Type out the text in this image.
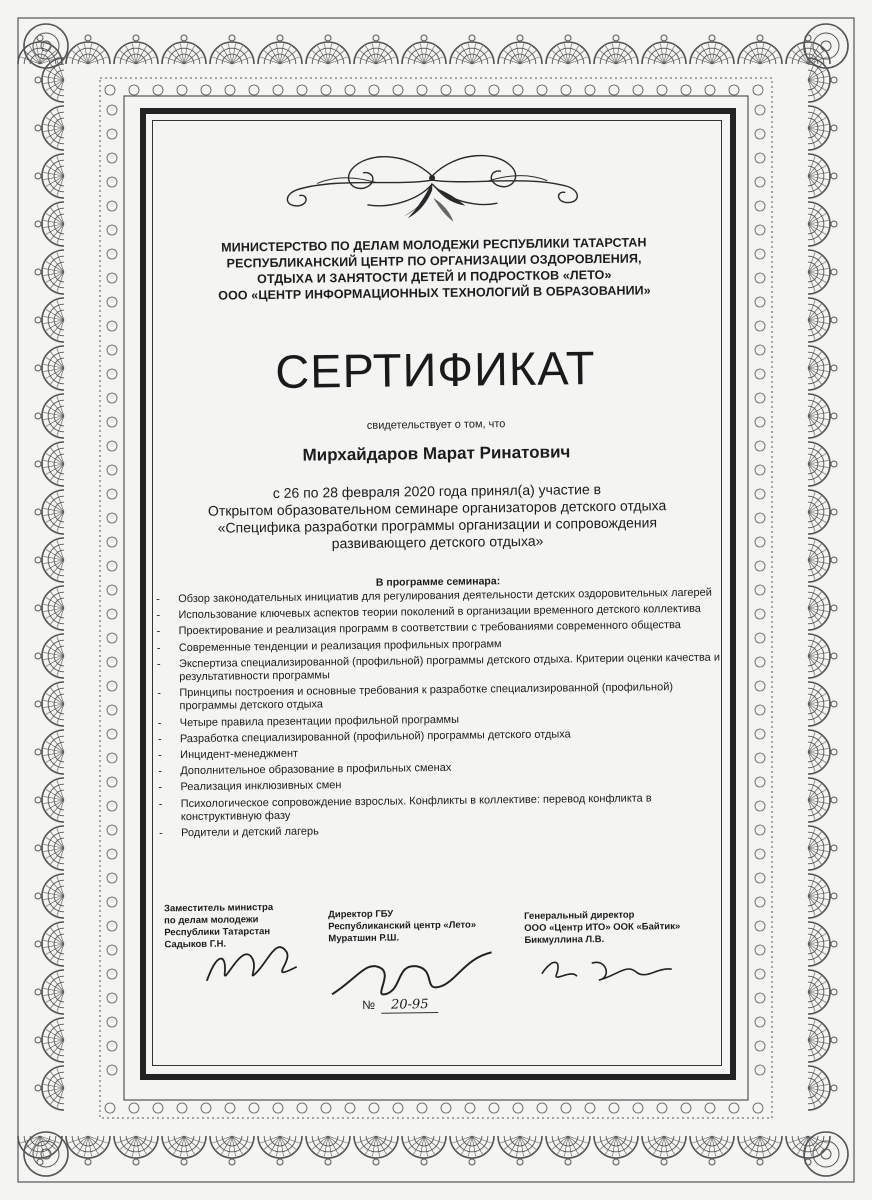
МИНИСТЕРСТВО ПО ДЕЛАМ МОЛОДЕЖИ РЕСПУБЛИКИ ТАТАРСТАН
РЕСПУБЛИКАНСКИЙ ЦЕНТР ПО ОРГАНИЗАЦИИ ОЗДОРОВЛЕНИЯ,
ОТДЫХА И ЗАНЯТОСТИ ДЕТЕЙ И ПОДРОСТКОВ «ЛЕТО»
ООО «ЦЕНТР ИНФОРМАЦИОННЫХ ТЕХНОЛОГИЙ В ОБРАЗОВАНИИ»
СЕРТИФИКАТ
свидетельствует о том, что
Мирхайдаров Марат Ринатович
с 26 по 28 февраля 2020 года принял(а) участие в
Открытом образовательном семинаре организаторов детского отдыха
«Специфика разработки программы организации и сопровождения
развивающего детского отдыха»
В программе семинара:
- Обзор законодательных инициатив для регулирования деятельности детских оздоровительных лагерей
- Использование ключевых аспектов теории поколений в организации временного детского коллектива
- Проектирование и реализация программ в соответствии с требованиями современного общества
- Современные тенденции и реализация профильных программ
- Экспертиза специализированной (профильной) программы детского отдыха. Критерии оценки качества и результативности программы
- Принципы построения и основные требования к разработке специализированной (профильной) программы детского отдыха
- Четыре правила презентации профильной программы
- Разработка специализированной (профильной) программы детского отдыха
- Инцидент-менеджмент
- Дополнительное образование в профильных сменах
- Реализация инклюзивных смен
- Психологическое сопровождение взрослых. Конфликты в коллективе: перевод конфликта в конструктивную фазу
- Родители и детский лагерь
Заместитель министра
по делам молодежи
Республики Татарстан
Садыков Г.Н.
Директор ГБУ
Республиканский центр «Лето»
Муратшин Р.Ш.
Генеральный директор
ООО «Центр ИТО» ООК «Байтик»
Бикмуллина Л.В.
№ 20-95
